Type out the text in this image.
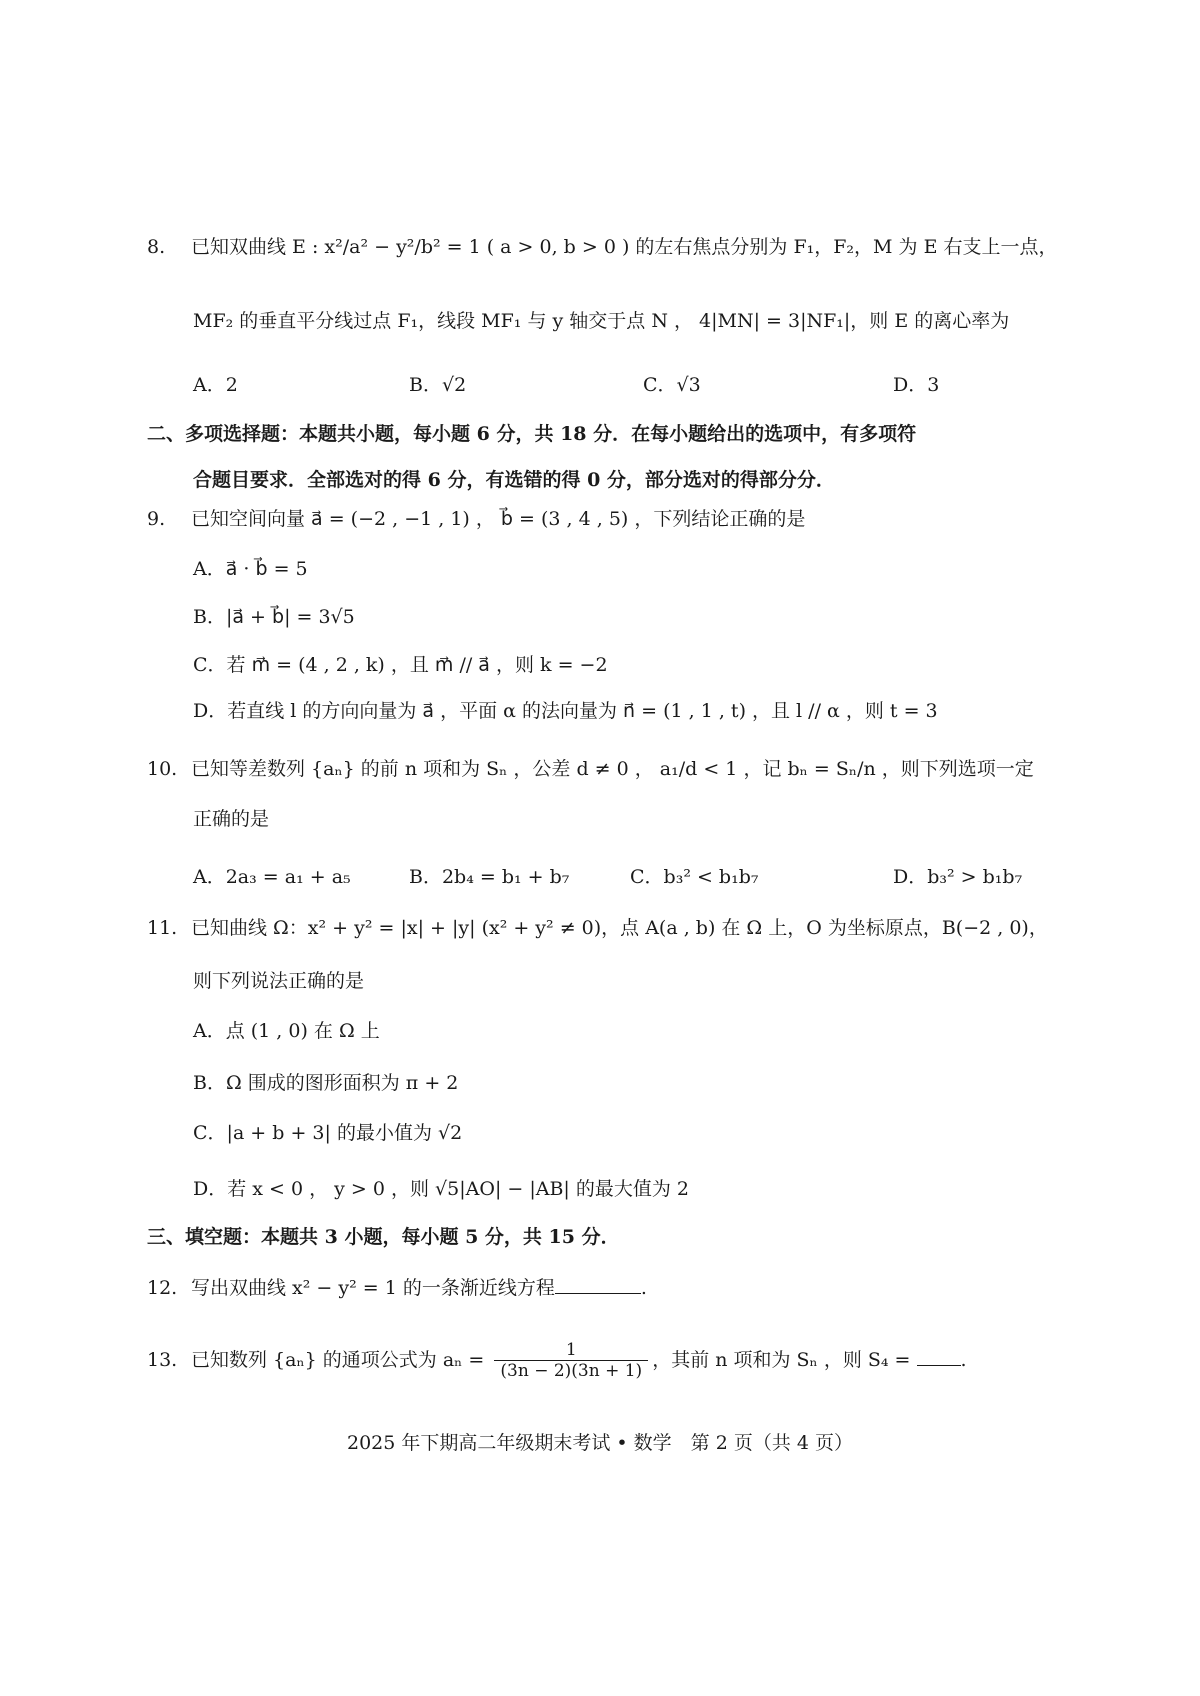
8. 已知双曲线 E : x²/a² − y²/b² = 1 ( a > 0, b > 0 ) 的左右焦点分别为 F₁，F₂，M 为 E 右支上一点，
MF₂ 的垂直平分线过点 F₁，线段 MF₁ 与 y 轴交于点 N ， 4|MN| = 3|NF₁|，则 E 的离心率为
A．2	B．√2	C．√3	D．3
二、多项选择题：本题共小题，每小题 6 分，共 18 分．在每小题给出的选项中，有多项符
合题目要求．全部选对的得 6 分，有选错的得 0 分，部分选对的得部分分．
9. 已知空间向量 a⃗ = (−2 , −1 , 1) ， b⃗ = (3 , 4 , 5) ，下列结论正确的是
A．a⃗ · b⃗ = 5
B．|a⃗ + b⃗| = 3√5
C．若 m⃗ = (4 , 2 , k) ，且 m⃗ // a⃗ ，则 k = −2
D．若直线 l 的方向向量为 a⃗ ，平面 α 的法向量为 n⃗ = (1 , 1 , t) ，且 l // α ，则 t = 3
10. 已知等差数列 {aₙ} 的前 n 项和为 Sₙ ，公差 d ≠ 0 ， a₁/d < 1 ，记 bₙ = Sₙ/n ，则下列选项一定
正确的是
A．2a₃ = a₁ + a₅	B．2b₄ = b₁ + b₇	C．b₃² < b₁b₇	D．b₃² > b₁b₇
11. 已知曲线 Ω：x² + y² = |x| + |y| (x² + y² ≠ 0)，点 A(a , b) 在 Ω 上，O 为坐标原点，B(−2 , 0)，
则下列说法正确的是
A．点 (1 , 0) 在 Ω 上
B．Ω 围成的图形面积为 π + 2
C．|a + b + 3| 的最小值为 √2
D．若 x < 0 ， y > 0 ，则 √5|AO| − |AB| 的最大值为 2
三、填空题：本题共 3 小题，每小题 5 分，共 15 分．
12. 写出双曲线 x² − y² = 1 的一条渐近线方程	.
13. 已知数列 {aₙ} 的通项公式为 $a_n = \frac{1}{(3n - 2)(3n + 1)}$ ，其前 n 项和为 Sₙ ，则 S₄ = .
2025 年下期高二年级期末考试 • 数学　第 2 页（共 4 页）
